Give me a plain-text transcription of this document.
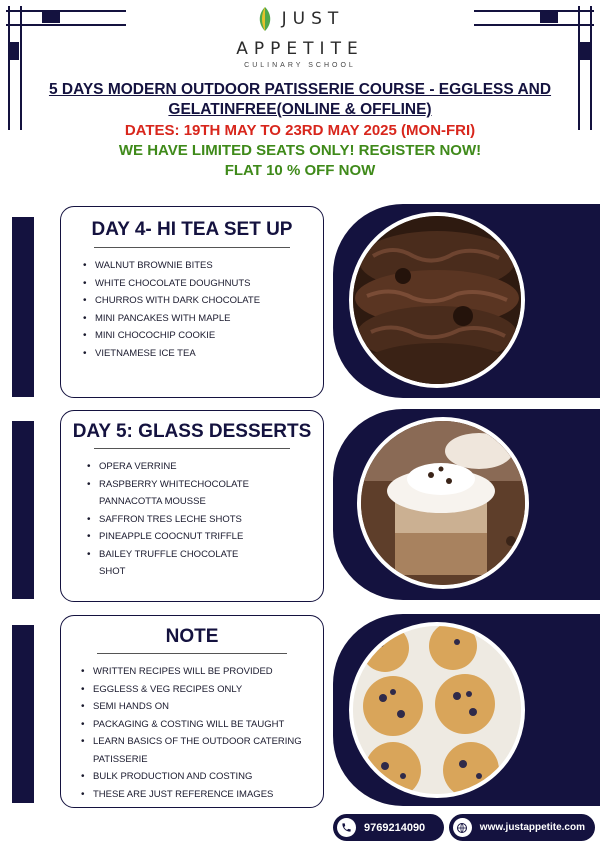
JUST
APPETITE
CULINARY SCHOOL
5 DAYS MODERN OUTDOOR PATISSERIE COURSE - EGGLESS AND GELATINFREE(ONLINE & OFFLINE)
DATES: 19TH MAY TO 23RD MAY 2025 (MON-FRI)
WE HAVE LIMITED SEATS ONLY! REGISTER NOW!
FLAT 10 % OFF NOW
DAY 4- HI TEA SET UP
• WALNUT BROWNIE BITES
• WHITE CHOCOLATE DOUGHNUTS
• CHURROS WITH DARK CHOCOLATE
• MINI PANCAKES WITH MAPLE
• MINI CHOCOCHIP COOKIE
• VIETNAMESE ICE TEA
DAY 5: GLASS DESSERTS
• OPERA VERRINE
• RASPBERRY WHITECHOCOLATE PANNACOTTA MOUSSE
• SAFFRON TRES LECHE SHOTS
• PINEAPPLE COOCNUT TRIFFLE
• BAILEY TRUFFLE CHOCOLATE SHOT
NOTE
• WRITTEN RECIPES WILL BE PROVIDED
• EGGLESS & VEG RECIPES ONLY
• SEMI HANDS ON
• PACKAGING & COSTING WILL BE TAUGHT
• LEARN BASICS OF THE OUTDOOR CATERING PATISSERIE
• BULK PRODUCTION AND COSTING
• THESE ARE JUST REFERENCE IMAGES
9769214090	www.justappetite.com
